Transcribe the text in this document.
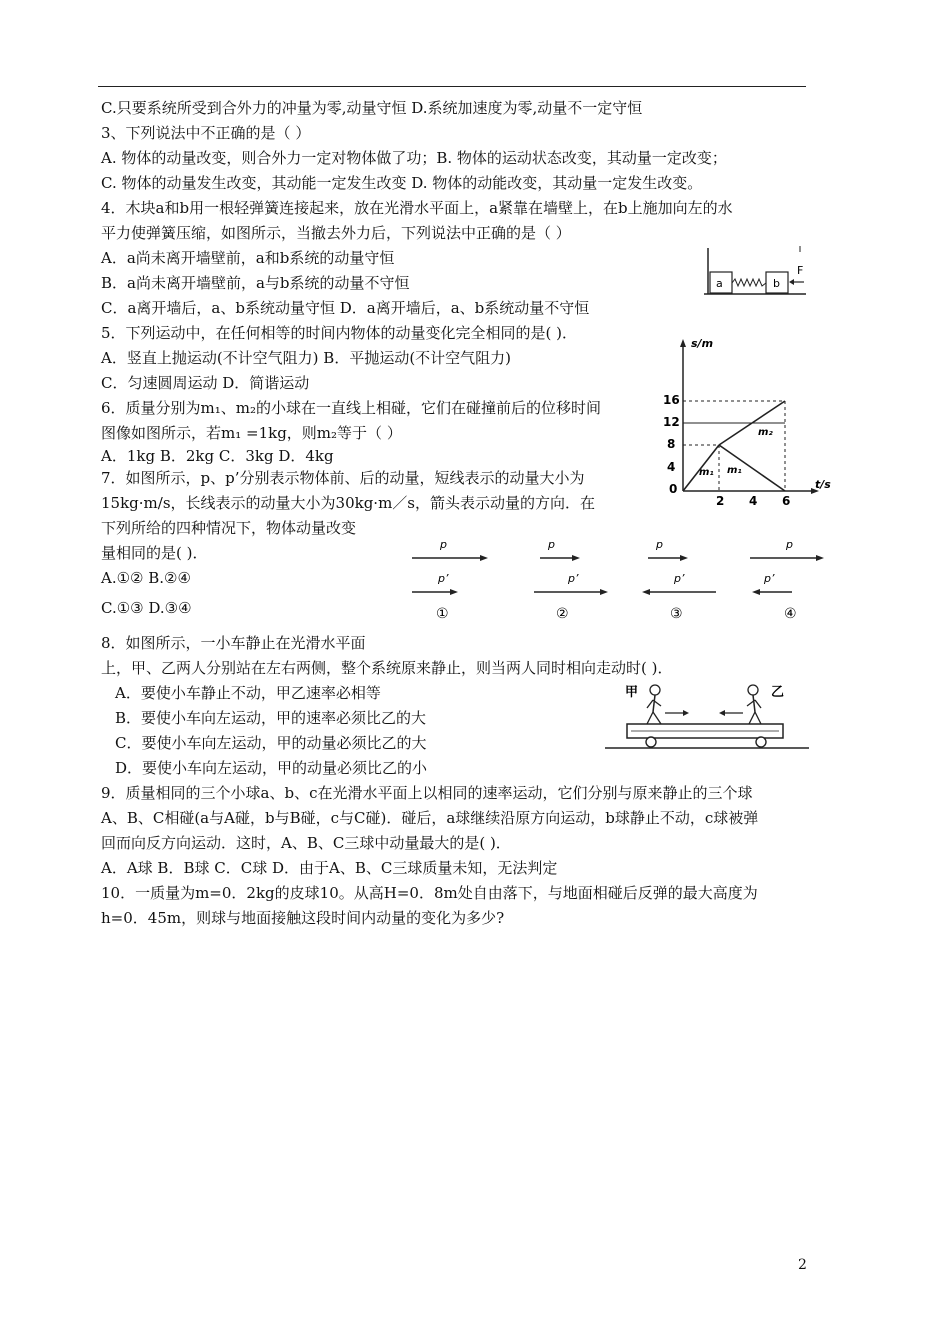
C.只要系统所受到合外力的冲量为零,动量守恒 D.系统加速度为零,动量不一定守恒
3、下列说法中不正确的是（ ）
A. 物体的动量改变，则合外力一定对物体做了功；B. 物体的运动状态改变，其动量一定改变；
C. 物体的动量发生改变，其动能一定发生改变 D. 物体的动能改变，其动量一定发生改变。
4．木块a和b用一根轻弹簧连接起来，放在光滑水平面上，a紧靠在墙壁上，在b上施加向左的水
平力使弹簧压缩，如图所示，当撤去外力后，下列说法中正确的是（ ）
A．a尚未离开墙壁前，a和b系统的动量守恒
B．a尚未离开墙壁前，a与b系统的动量不守恒
C．a离开墙后，a、b系统动量守恒 D．a离开墙后，a、b系统动量不守恒
5．下列运动中，在任何相等的时间内物体的动量变化完全相同的是( )．
A．竖直上抛运动(不计空气阻力) B．平抛运动(不计空气阻力)
C．匀速圆周运动 D．简谐运动
6．质量分别为m₁、m₂的小球在一直线上相碰，它们在碰撞前后的位移时间
图像如图所示，若m₁ =1kg，则m₂等于（ ）
A．1kg B．2kg C．3kg D．4kg
7．如图所示，p、p’分别表示物体前、后的动量，短线表示的动量大小为
15kg·m/s，长线表示的动量大小为30kg·m／s，箭头表示动量的方向．在
下列所给的四种情况下，物体动量改变
量相同的是( )．
A.①② B.②④
C.①③ D.③④
8．如图所示，一小车静止在光滑水平面
上，甲、乙两人分别站在左右两侧，整个系统原来静止，则当两人同时相向走动时( )．
A．要使小车静止不动，甲乙速率必相等
B．要使小车向左运动，甲的速率必须比乙的大
C．要使小车向左运动，甲的动量必须比乙的大
D．要使小车向左运动，甲的动量必须比乙的小
9．质量相同的三个小球a、b、c在光滑水平面上以相同的速率运动，它们分别与原来静止的三个球
A、B、C相碰(a与A碰，b与B碰，c与C碰)．碰后，a球继续沿原方向运动，b球静止不动，c球被弹
回而向反方向运动．这时，A、B、C三球中动量最大的是( )．
A．A球 B．B球 C．C球 D．由于A、B、C三球质量未知，无法判定
10．一质量为m=0．2kg的皮球10。从高H=0．8m处自由落下，与地面相碰后反弹的最大高度为
h=0．45m，则球与地面接触这段时间内动量的变化为多少?
a	b
F
s/m
t/s
16
12
8
4
0
2 4 6
m₂
m₁ m₁
p
p’
①
p
p’
②
p
p’
③
p
p’
④
甲	乙
2
